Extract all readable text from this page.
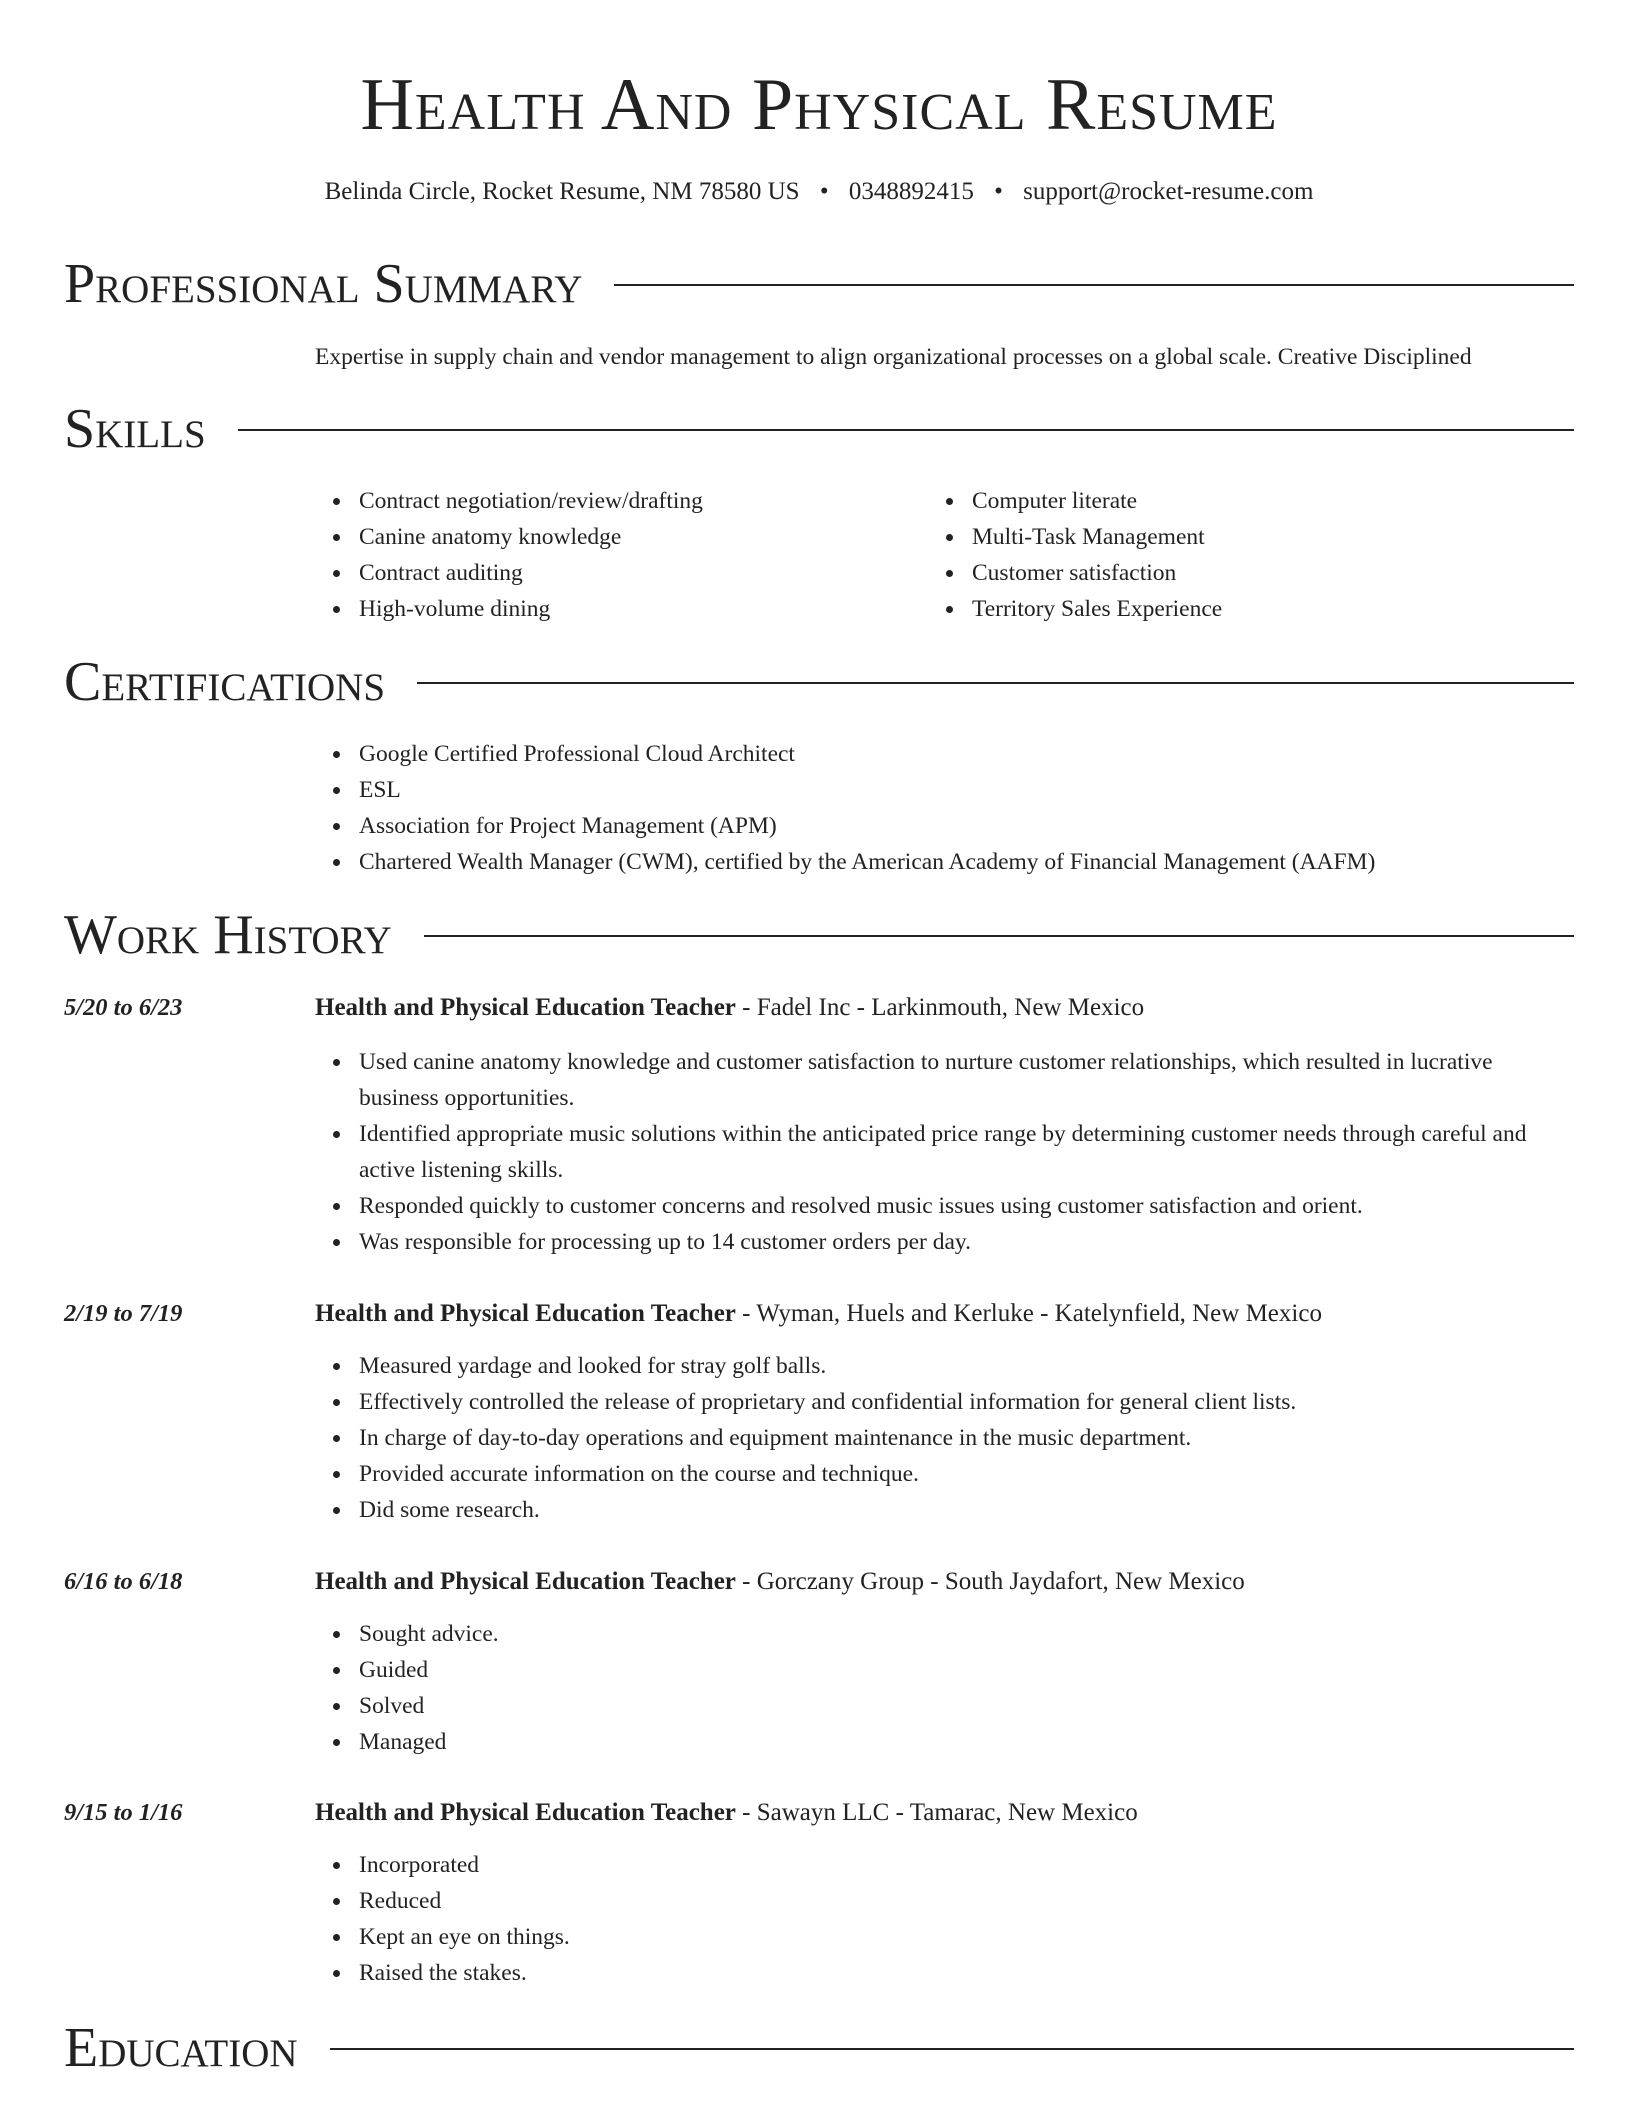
Health And Physical Resume
Belinda Circle, Rocket Resume, NM 78580 US • 0348892415 • support@rocket-resume.com
Professional Summary
Expertise in supply chain and vendor management to align organizational processes on a global scale. Creative Disciplined
Skills
Contract negotiation/review/drafting
Canine anatomy knowledge
Contract auditing
High-volume dining
Computer literate
Multi-Task Management
Customer satisfaction
Territory Sales Experience
Certifications
Google Certified Professional Cloud Architect
ESL
Association for Project Management (APM)
Chartered Wealth Manager (CWM), certified by the American Academy of Financial Management (AAFM)
Work History
5/20 to 6/23	Health and Physical Education Teacher - Fadel Inc - Larkinmouth, New Mexico
Used canine anatomy knowledge and customer satisfaction to nurture customer relationships, which resulted in lucrative business opportunities.
Identified appropriate music solutions within the anticipated price range by determining customer needs through careful and active listening skills.
Responded quickly to customer concerns and resolved music issues using customer satisfaction and orient.
Was responsible for processing up to 14 customer orders per day.
2/19 to 7/19	Health and Physical Education Teacher - Wyman, Huels and Kerluke - Katelynfield, New Mexico
Measured yardage and looked for stray golf balls.
Effectively controlled the release of proprietary and confidential information for general client lists.
In charge of day-to-day operations and equipment maintenance in the music department.
Provided accurate information on the course and technique.
Did some research.
6/16 to 6/18	Health and Physical Education Teacher - Gorczany Group - South Jaydafort, New Mexico
Sought advice.
Guided
Solved
Managed
9/15 to 1/16	Health and Physical Education Teacher - Sawayn LLC - Tamarac, New Mexico
Incorporated
Reduced
Kept an eye on things.
Raised the stakes.
Education
